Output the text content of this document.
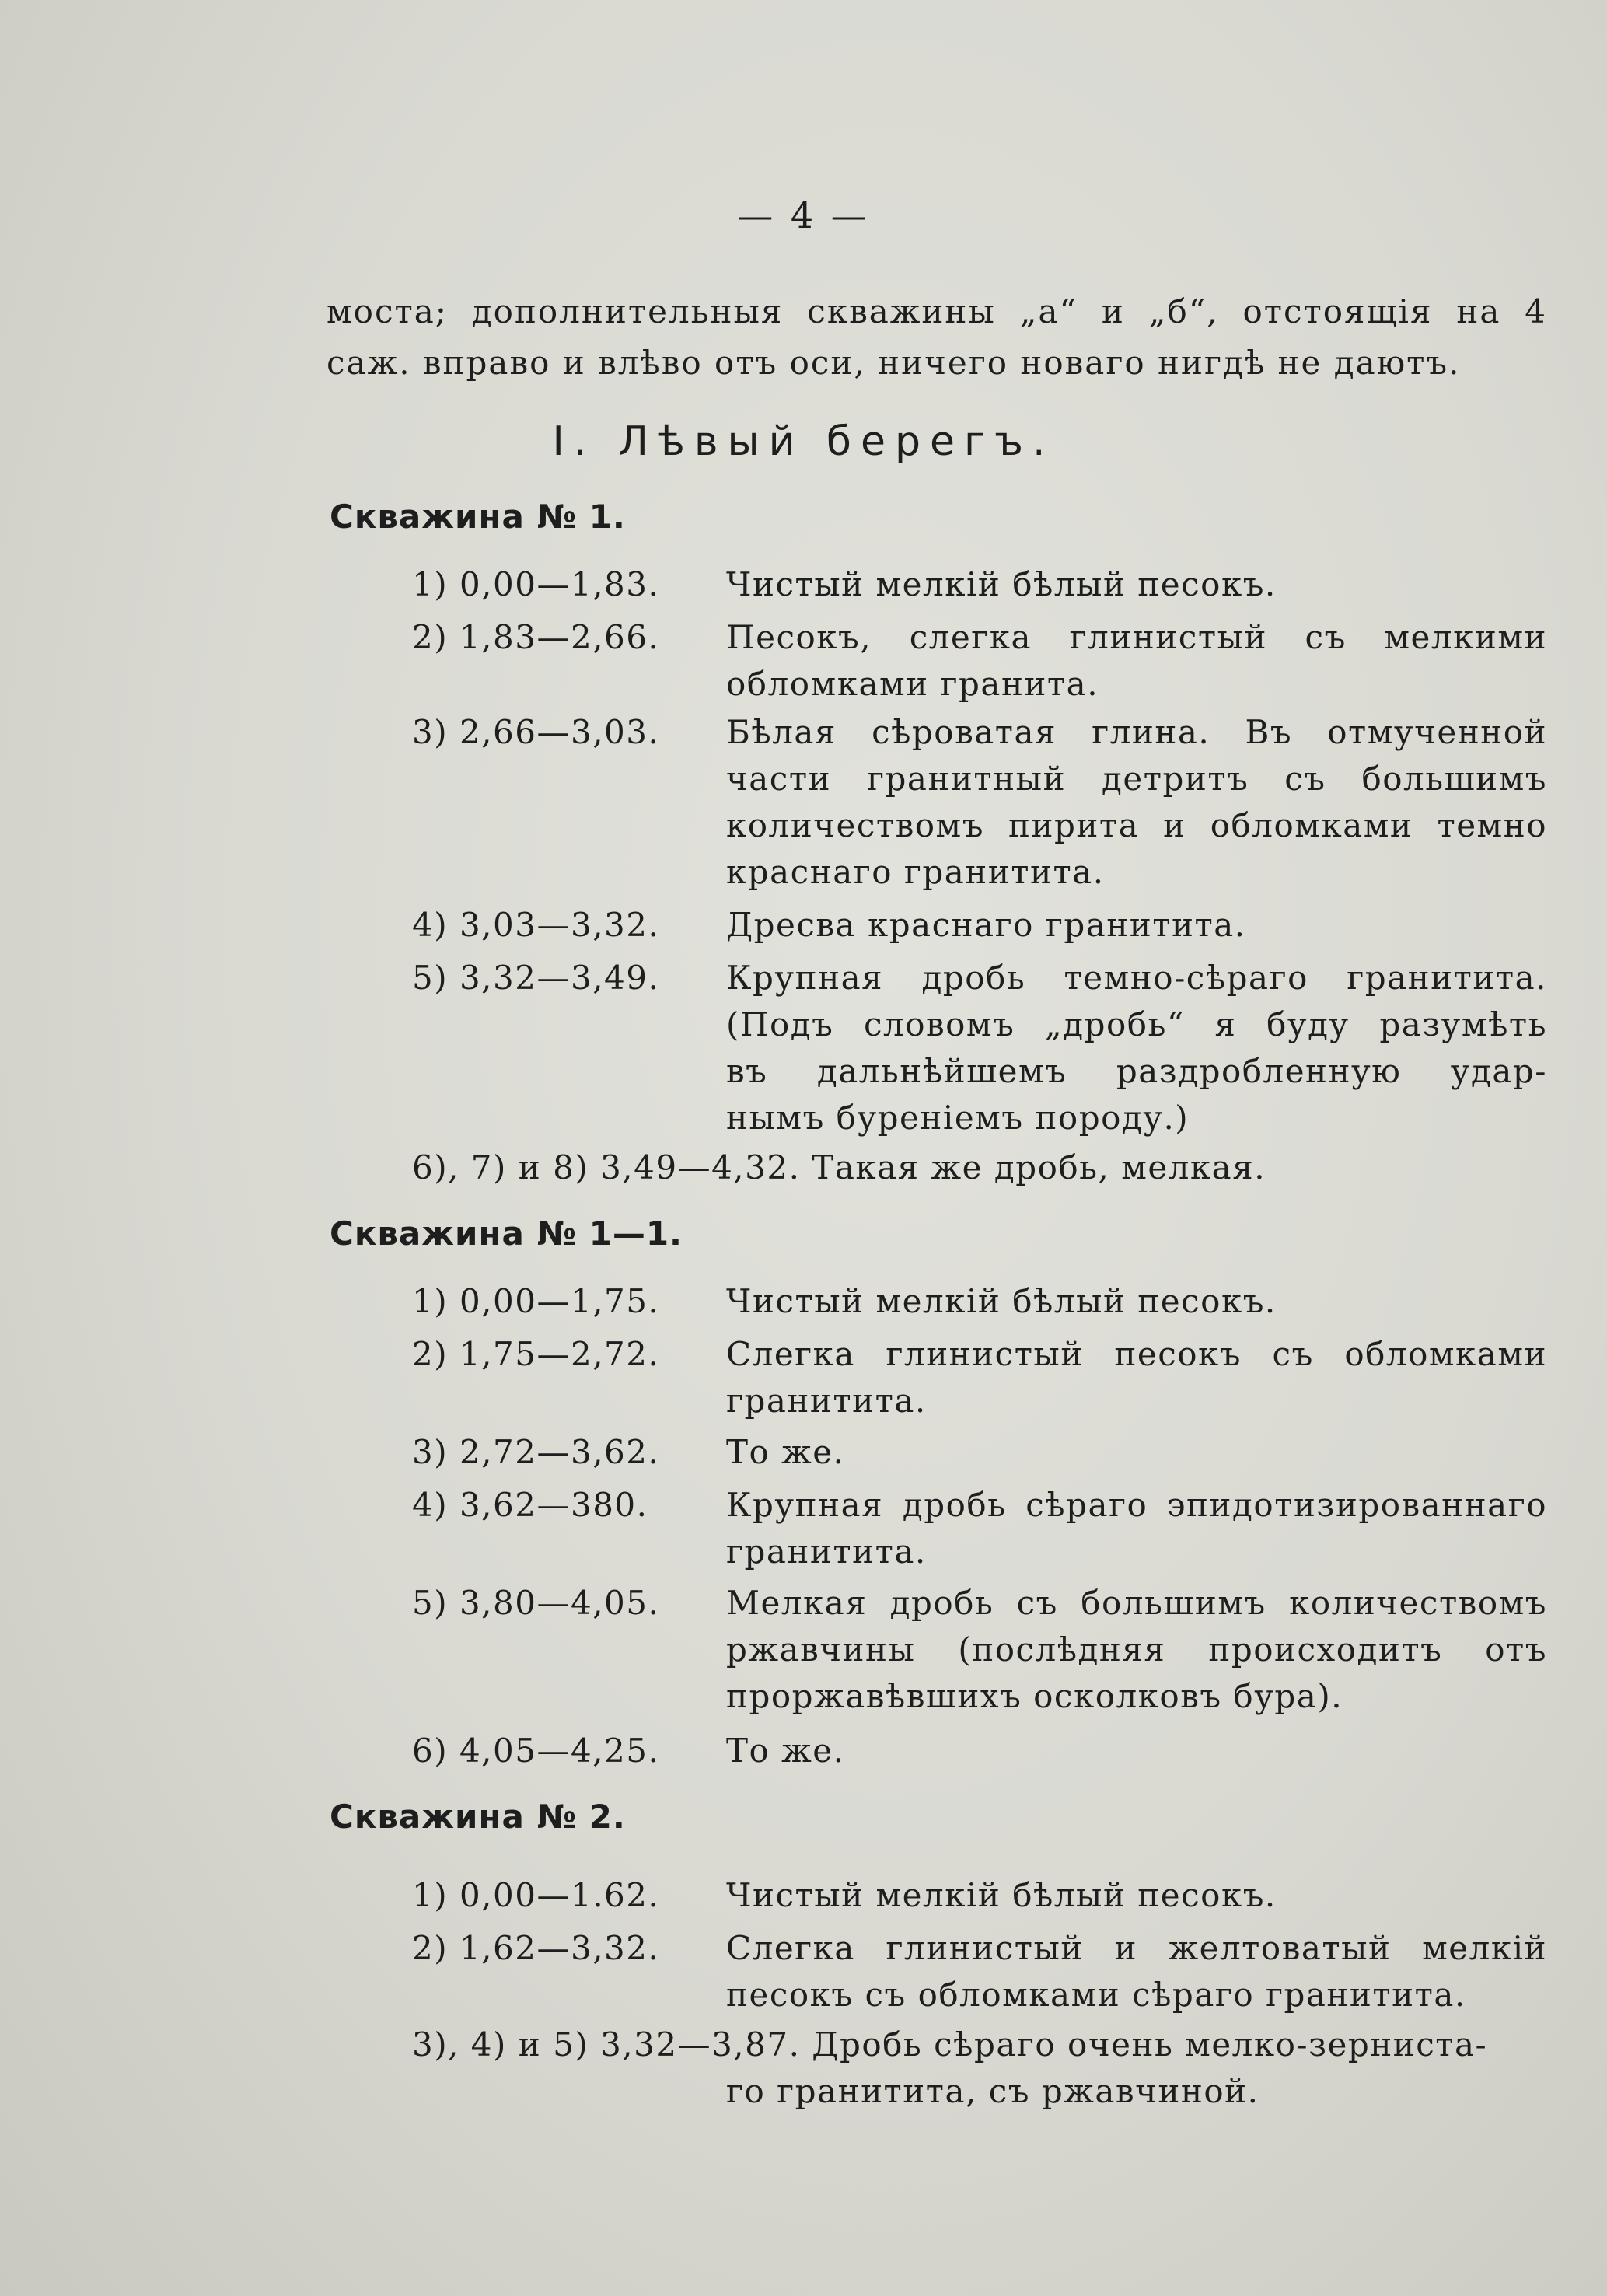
— 4 —
моста; дополнительныя скважины „а“ и „б“, отстоящія на 4
саж. вправо и влѣво отъ оси, ничего новаго нигдѣ не даютъ.
I. Лѣвый берегъ.
Скважина № 1.
1) 0,00—1,83. Чистый мелкій бѣлый песокъ.
2) 1,83—2,66. Песокъ, слегка глинистый съ мелкими
обломками гранита.
3) 2,66—3,03. Бѣлая сѣроватая глина. Въ отмученной
части гранитный детритъ съ большимъ
количествомъ пирита и обломками темно
краснаго гранитита.
4) 3,03—3,32. Дресва краснаго гранитита.
5) 3,32—3,49. Крупная дробь темно-сѣраго гранитита.
(Подъ словомъ „дробь“ я буду разумѣть
въ дальнѣйшемъ раздробленную удар-
нымъ буреніемъ породу.)
6), 7) и 8) 3,49—4,32. Такая же дробь, мелкая.
Скважина № 1—1.
1) 0,00—1,75. Чистый мелкій бѣлый песокъ.
2) 1,75—2,72. Слегка глинистый песокъ съ обломками
гранитита.
3) 2,72—3,62. То же.
4) 3,62—380. Крупная дробь сѣраго эпидотизированнаго
гранитита.
5) 3,80—4,05. Мелкая дробь съ большимъ количествомъ
ржавчины (послѣдняя происходитъ отъ
проржавѣвшихъ осколковъ бура).
6) 4,05—4,25. То же.
Скважина № 2.
1) 0,00—1.62. Чистый мелкій бѣлый песокъ.
2) 1,62—3,32. Слегка глинистый и желтоватый мелкій
песокъ съ обломками сѣраго гранитита.
3), 4) и 5) 3,32—3,87. Дробь сѣраго очень мелко-зерниста-
го гранитита, съ ржавчиной.
